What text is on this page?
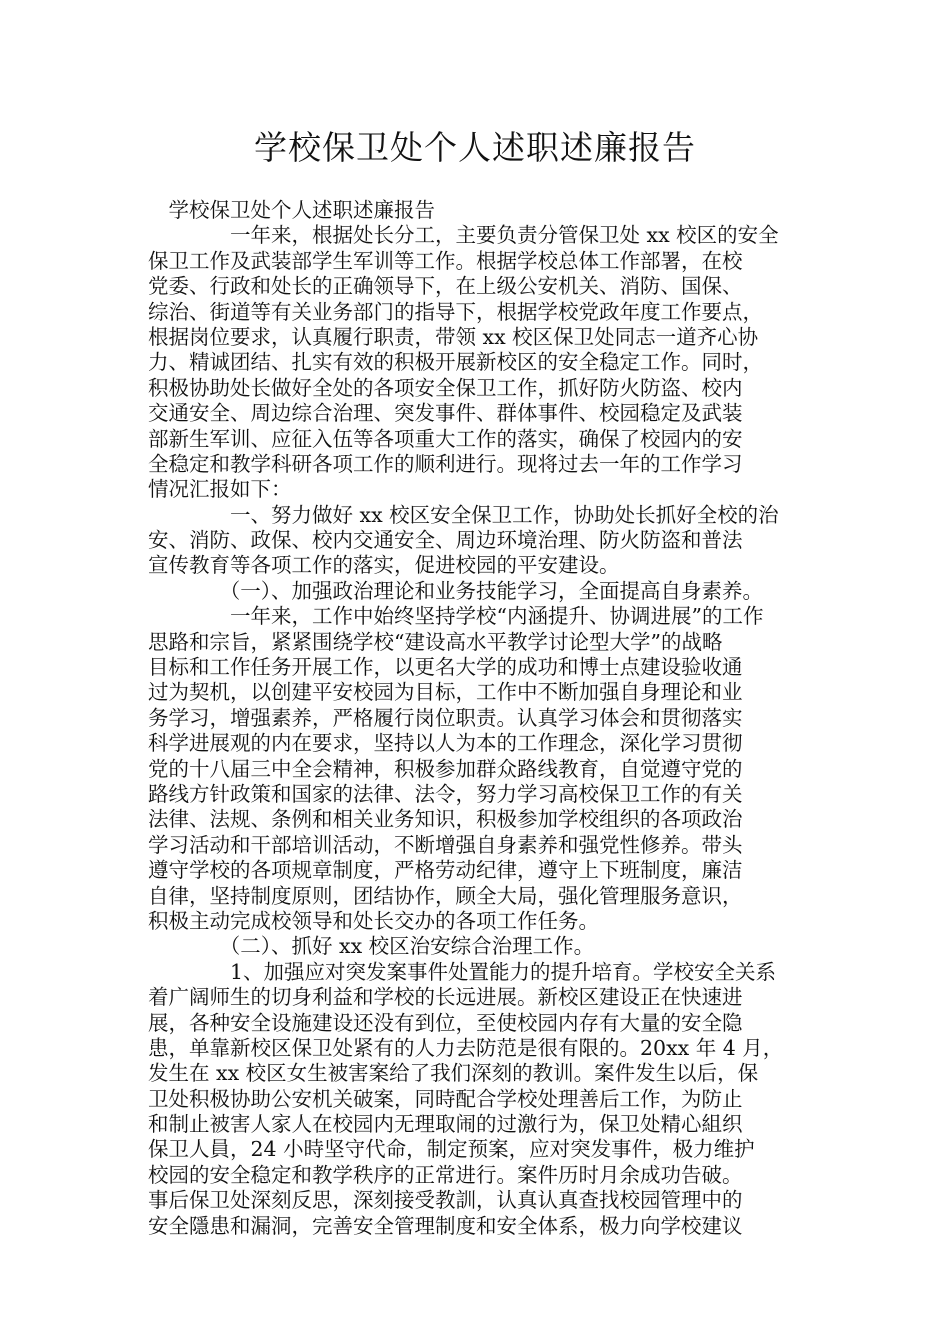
学校保卫处个人述职述廉报告
　学校保卫处个人述职述廉报告
　　　　一年来，根据处长分工，主要负责分管保卫处 xx 校区的安全
保卫工作及武装部学生军训等工作。根据学校总体工作部署，在校
党委、行政和处长的正确领导下，在上级公安机关、消防、国保、
综治、街道等有关业务部门的指导下，根据学校党政年度工作要点，
根据岗位要求，认真履行职责，带领 xx 校区保卫处同志一道齐心协
力、精诚团结、扎实有效的积极开展新校区的安全稳定工作。同时，
积极协助处长做好全处的各项安全保卫工作，抓好防火防盗、校内
交通安全、周边综合治理、突发事件、群体事件、校园稳定及武装
部新生军训、应征入伍等各项重大工作的落实，确保了校园内的安
全稳定和教学科研各项工作的顺利进行。现将过去一年的工作学习
情况汇报如下：
　　　　一、努力做好 xx 校区安全保卫工作，协助处长抓好全校的治
安、消防、政保、校内交通安全、周边环境治理、防火防盗和普法
宣传教育等各项工作的落实，促进校园的平安建设。
　　　　（一）、加强政治理论和业务技能学习，全面提高自身素养。
　　　　一年来，工作中始终坚持学校“内涵提升、协调进展”的工作
思路和宗旨，紧紧围绕学校“建设高水平教学讨论型大学”的战略
目标和工作任务开展工作，以更名大学的成功和博士点建设验收通
过为契机，以创建平安校园为目标，工作中不断加强自身理论和业
务学习，增强素养，严格履行岗位职责。认真学习体会和贯彻落实
科学进展观的内在要求，坚持以人为本的工作理念，深化学习贯彻
党的十八届三中全会精神，积极参加群众路线教育，自觉遵守党的
路线方针政策和国家的法律、法令，努力学习高校保卫工作的有关
法律、法规、条例和相关业务知识，积极参加学校组织的各项政治
学习活动和干部培训活动，不断增强自身素养和强党性修养。带头
遵守学校的各项规章制度，严格劳动纪律，遵守上下班制度，廉洁
自律，坚持制度原则，团结协作，顾全大局，强化管理服务意识，
积极主动完成校领导和处长交办的各项工作任务。
　　　　（二）、抓好 xx 校区治安综合治理工作。
　　　　1、加强应对突发案事件处置能力的提升培育。学校安全关系
着广阔师生的切身利益和学校的长远进展。新校区建设正在快速进
展，各种安全设施建设还没有到位，至使校园内存有大量的安全隐
患，单靠新校区保卫处紧有的人力去防范是很有限的。20xx 年 4 月，
发生在 xx 校区女生被害案给了我们深刻的教训。案件发生以后，保
卫处积极协助公安机关破案，同時配合学校处理善后工作，为防止
和制止被害人家人在校园内无理取闹的过激行为，保卫处精心組织
保卫人員，24 小時坚守代命，制定预案，应对突发事件，极力维护
校园的安全稳定和教学秩序的正常进行。案件历时月余成功告破。
事后保卫处深刻反思，深刻接受教訓，认真认真查找校园管理中的
安全隱患和漏洞，完善安全管理制度和安全体系，极力向学校建议
